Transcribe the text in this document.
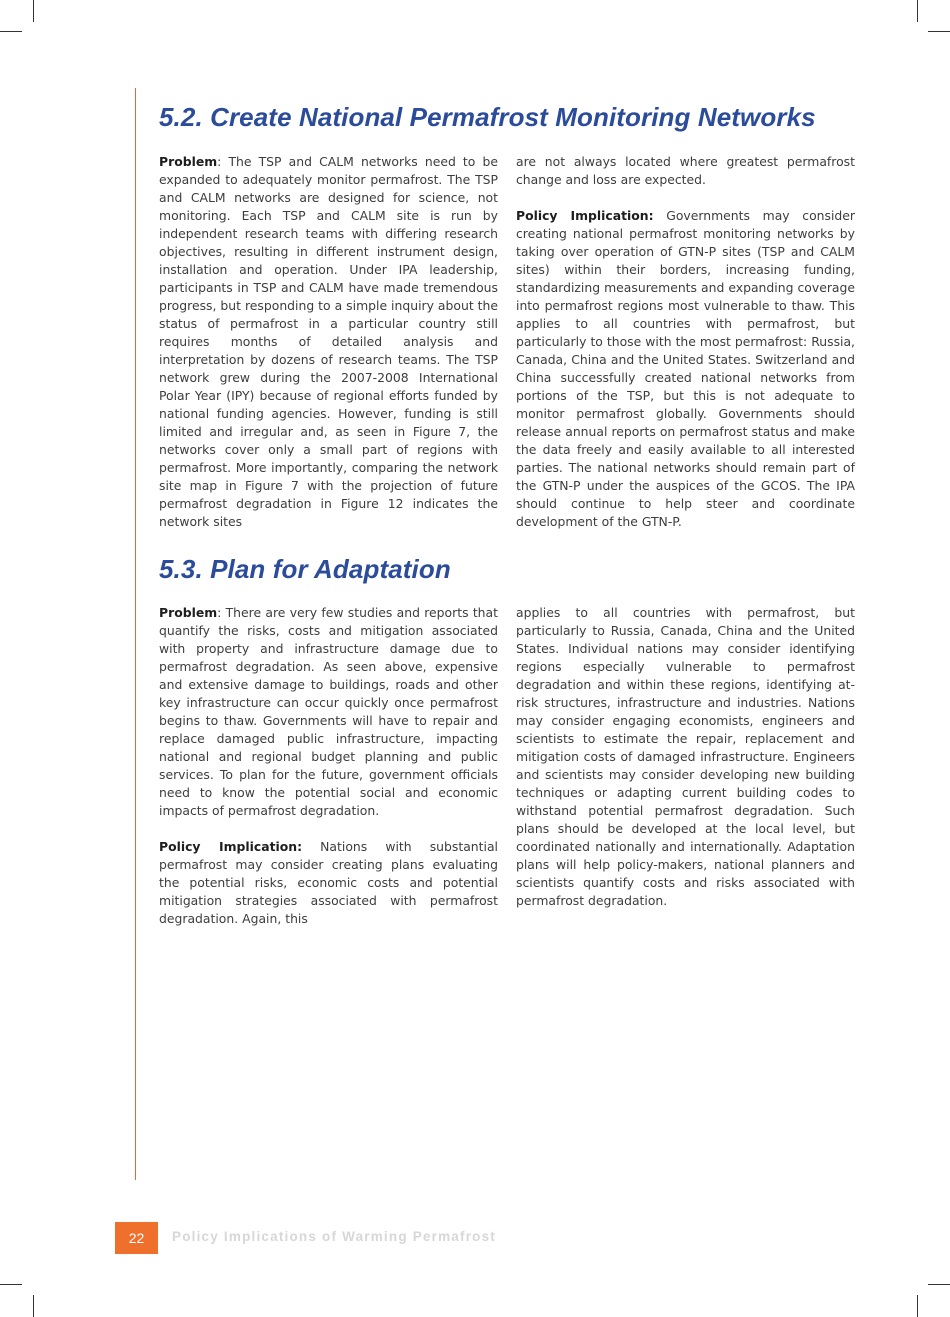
5.2. Create National Permafrost Monitoring Networks

Problem: The TSP and CALM networks need to be expanded to adequately monitor permafrost. The TSP and CALM networks are designed for science, not monitoring. Each TSP and CALM site is run by independent research teams with differing research objectives, resulting in different instrument design, installation and operation. Under IPA leadership, participants in TSP and CALM have made tremendous progress, but responding to a simple inquiry about the status of permafrost in a particular country still requires months of detailed analysis and interpretation by dozens of research teams. The TSP network grew during the 2007-2008 International Polar Year (IPY) because of regional efforts funded by national funding agencies. However, funding is still limited and irregular and, as seen in Figure 7, the networks cover only a small part of regions with permafrost. More importantly, comparing the network site map in Figure 7 with the projection of future permafrost degradation in Figure 12 indicates the network sites

are not always located where greatest permafrost change and loss are expected.

Policy Implication: Governments may consider creating national permafrost monitoring networks by taking over operation of GTN-P sites (TSP and CALM sites) within their borders, increasing funding, standardizing measurements and expanding coverage into permafrost regions most vulnerable to thaw. This applies to all countries with permafrost, but particularly to those with the most permafrost: Russia, Canada, China and the United States. Switzerland and China successfully created national networks from portions of the TSP, but this is not adequate to monitor permafrost globally. Governments should release annual reports on permafrost status and make the data freely and easily available to all interested parties. The national networks should remain part of the GTN-P under the auspices of the GCOS. The IPA should continue to help steer and coordinate development of the GTN-P.

5.3. Plan for Adaptation

Problem: There are very few studies and reports that quantify the risks, costs and mitigation associated with property and infrastructure damage due to permafrost degradation. As seen above, expensive and extensive damage to buildings, roads and other key infrastructure can occur quickly once permafrost begins to thaw. Governments will have to repair and replace damaged public infrastructure, impacting national and regional budget planning and public services. To plan for the future, government officials need to know the potential social and economic impacts of permafrost degradation.

Policy Implication: Nations with substantial permafrost may consider creating plans evaluating the potential risks, economic costs and potential mitigation strategies associated with permafrost degradation. Again, this

applies to all countries with permafrost, but particularly to Russia, Canada, China and the United States. Individual nations may consider identifying regions especially vulnerable to permafrost degradation and within these regions, identifying at-risk structures, infrastructure and industries. Nations may consider engaging economists, engineers and scientists to estimate the repair, replacement and mitigation costs of damaged infrastructure. Engineers and scientists may consider developing new building techniques or adapting current building codes to withstand potential permafrost degradation. Such plans should be developed at the local level, but coordinated nationally and internationally. Adaptation plans will help policy-makers, national planners and scientists quantify costs and risks associated with permafrost degradation.

22	Policy Implications of Warming Permafrost
